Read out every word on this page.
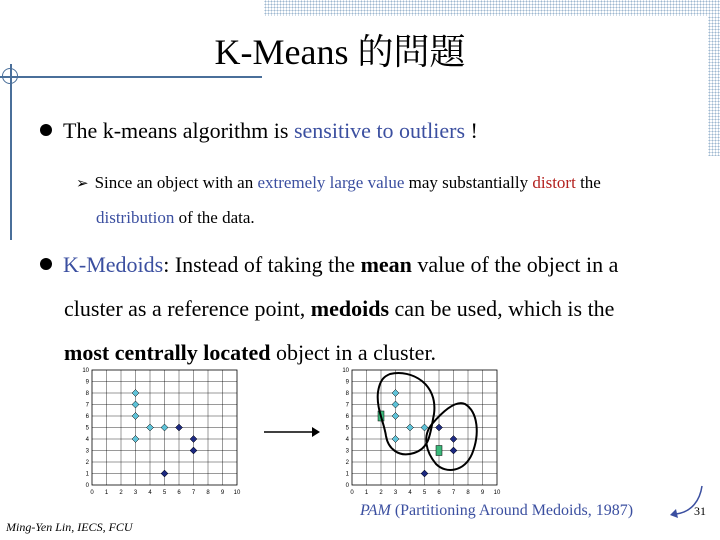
K-Means 的問題
The k-means algorithm is sensitive to outliers !
➢ Since an object with an extremely large value may substantially distort the
distribution of the data.
K-Medoids: Instead of taking the mean value of the object in a
cluster as a reference point, medoids can be used, which is the
most centrally located object in a cluster.
0 1 2 3 4 5 6 7 8 9 10
0
1
2
3
4
5
6
7
8
9
10
0 1 2 3 4 5 6 7 8 9 10
0
1
2
3
4
5
6
7
8
9
10
PAM (Partitioning Around Medoids, 1987)
Ming-Yen Lin, IECS, FCU
31
